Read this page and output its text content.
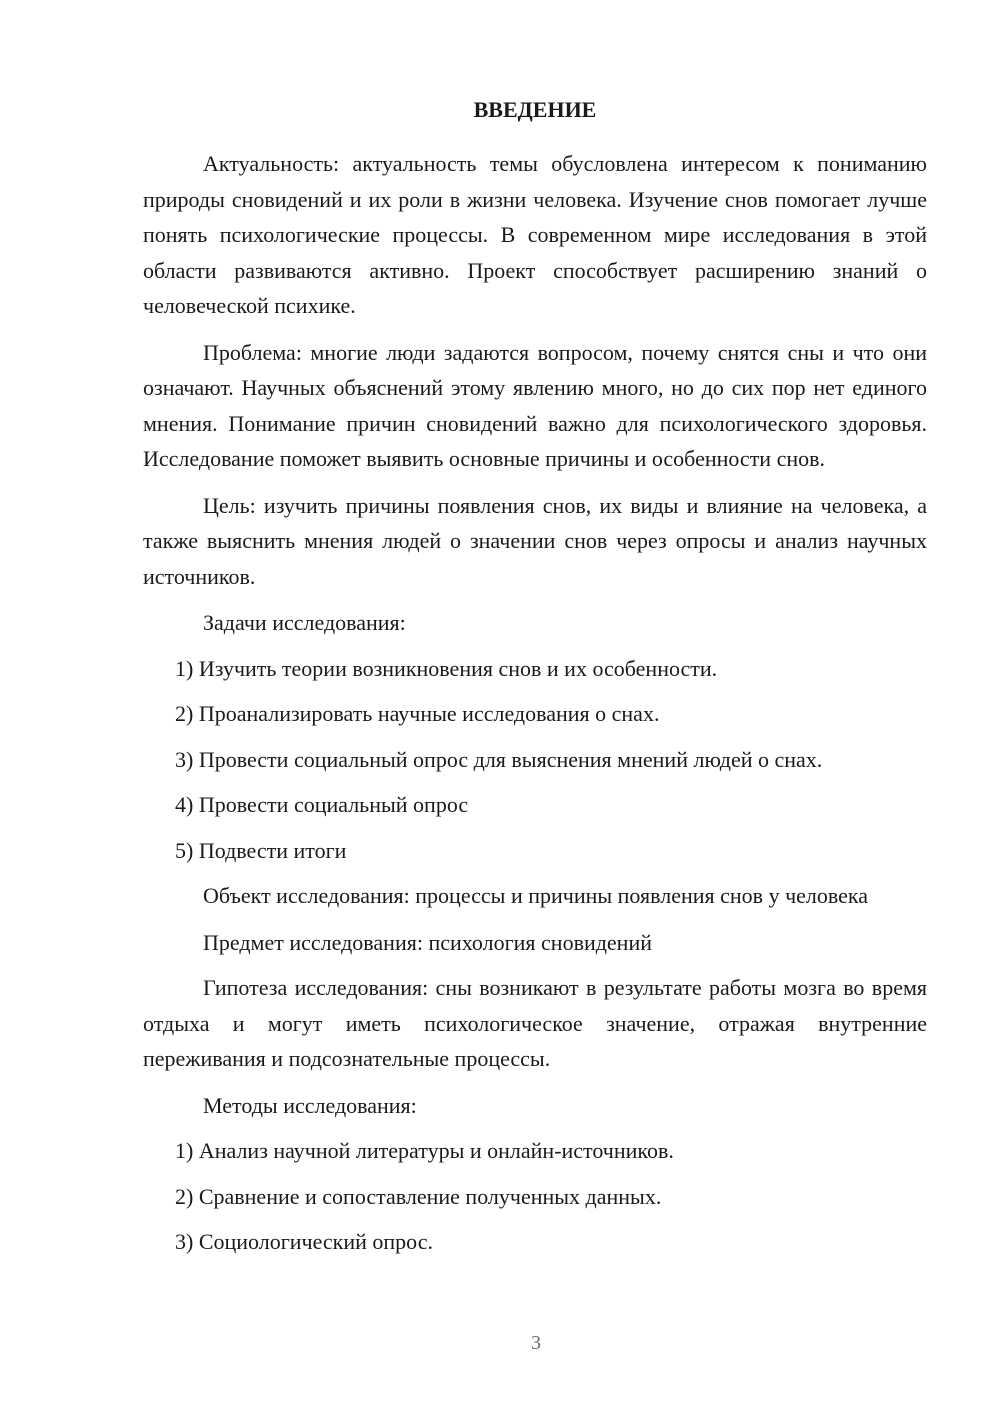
ВВЕДЕНИЕ

Актуальность: актуальность темы обусловлена интересом к пониманию природы сновидений и их роли в жизни человека. Изучение снов помогает лучше понять психологические процессы. В современном мире исследования в этой области развиваются активно. Проект способствует расширению знаний о человеческой психике.

Проблема: многие люди задаются вопросом, почему снятся сны и что они означают. Научных объяснений этому явлению много, но до сих пор нет единого мнения. Понимание причин сновидений важно для психологического здоровья. Исследование поможет выявить основные причины и особенности снов.

Цель: изучить причины появления снов, их виды и влияние на человека, а также выяснить мнения людей о значении снов через опросы и анализ научных источников.

Задачи исследования:

1) Изучить теории возникновения снов и их особенности.
2) Проанализировать научные исследования о снах.
3) Провести социальный опрос для выяснения мнений людей о снах.
4) Провести социальный опрос
5) Подвести итоги

Объект исследования: процессы и причины появления снов у человека

Предмет исследования: психология сновидений

Гипотеза исследования: сны возникают в результате работы мозга во время отдыха и могут иметь психологическое значение, отражая внутренние переживания и подсознательные процессы.

Методы исследования:

1) Анализ научной литературы и онлайн-источников.
2) Сравнение и сопоставление полученных данных.
3) Социологический опрос.
3
